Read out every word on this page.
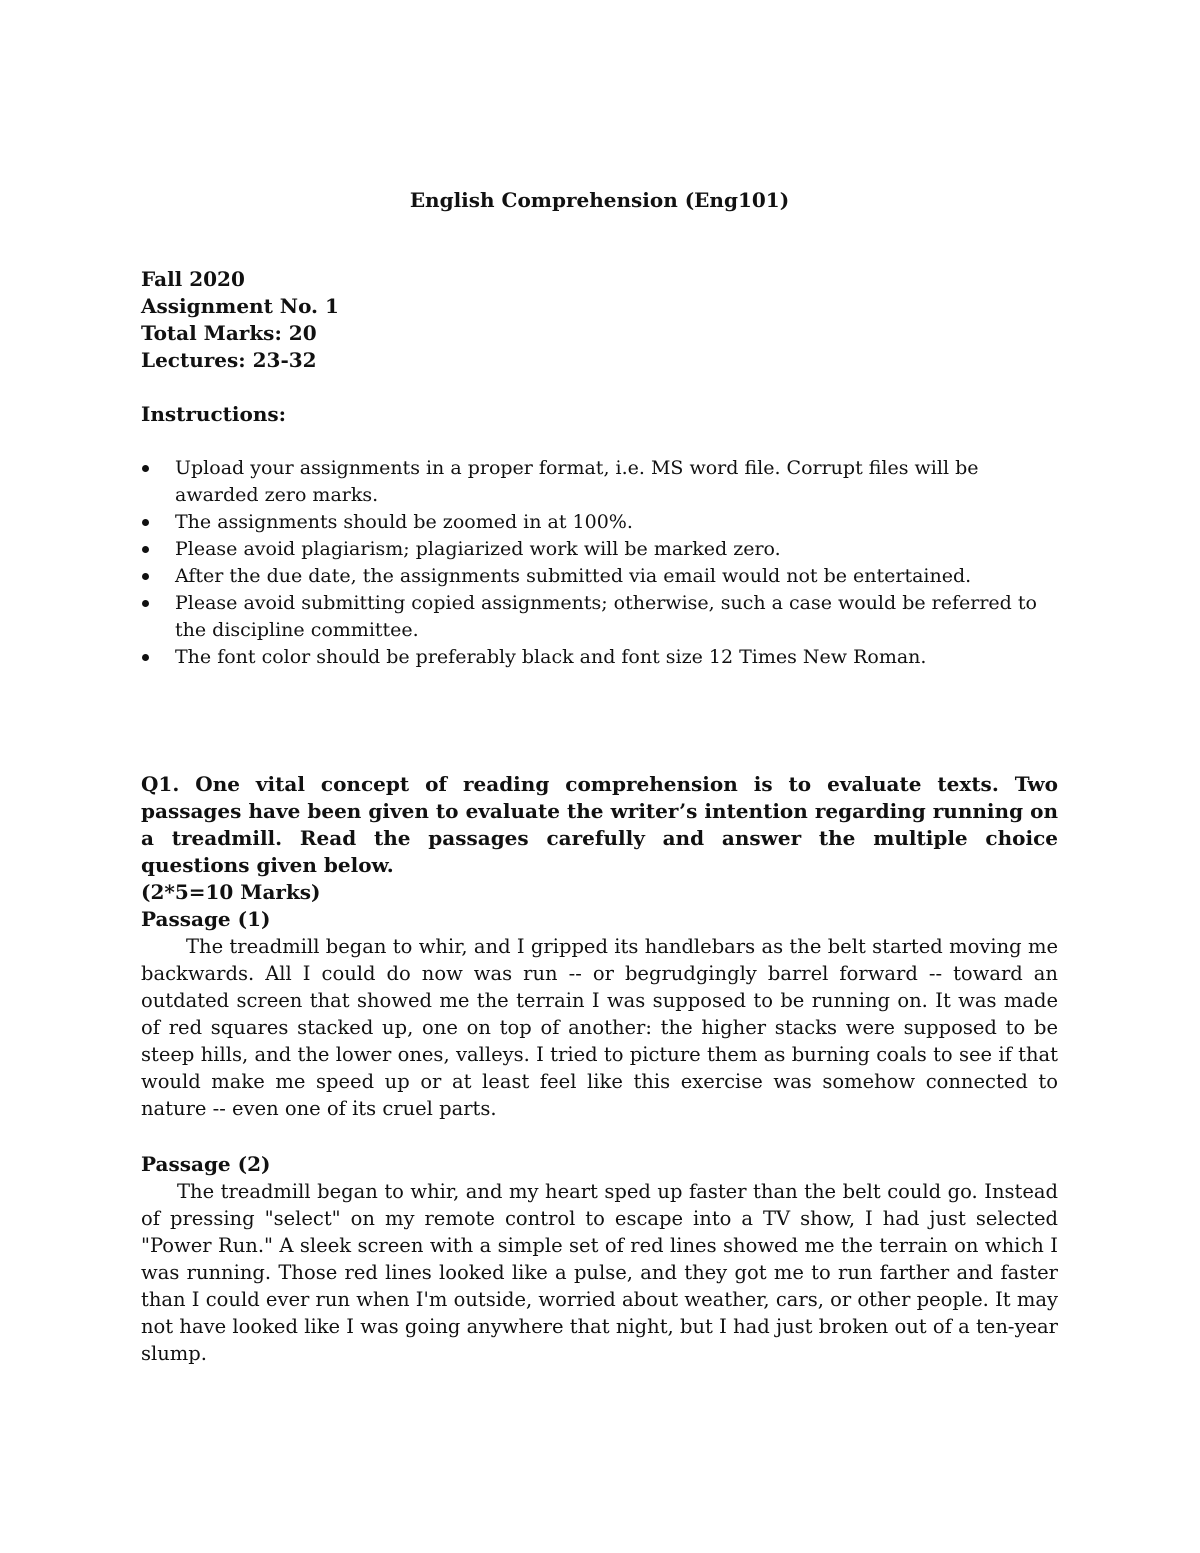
English Comprehension (Eng101)
Fall 2020
Assignment No. 1
Total Marks: 20
Lectures: 23-32
Instructions:
Upload your assignments in a proper format, i.e. MS word file. Corrupt files will be awarded zero marks.
The assignments should be zoomed in at 100%.
Please avoid plagiarism; plagiarized work will be marked zero.
After the due date, the assignments submitted via email would not be entertained.
Please avoid submitting copied assignments; otherwise, such a case would be referred to the discipline committee.
The font color should be preferably black and font size 12 Times New Roman.

Q1. One vital concept of reading comprehension is to evaluate texts. Two passages have been given to evaluate the writer’s intention regarding running on a treadmill. Read the passages carefully and answer the multiple choice questions given below.
(2*5=10 Marks)

Passage (1)

The treadmill began to whir, and I gripped its handlebars as the belt started moving me backwards. All I could do now was run -- or begrudgingly barrel forward -- toward an outdated screen that showed me the terrain I was supposed to be running on. It was made of red squares stacked up, one on top of another: the higher stacks were supposed to be steep hills, and the lower ones, valleys. I tried to picture them as burning coals to see if that would make me speed up or at least feel like this exercise was somehow connected to nature -- even one of its cruel parts.

Passage (2)

The treadmill began to whir, and my heart sped up faster than the belt could go. Instead of pressing "select" on my remote control to escape into a TV show, I had just selected "Power Run." A sleek screen with a simple set of red lines showed me the terrain on which I was running. Those red lines looked like a pulse, and they got me to run farther and faster than I could ever run when I'm outside, worried about weather, cars, or other people. It may not have looked like I was going anywhere that night, but I had just broken out of a ten-year slump.
